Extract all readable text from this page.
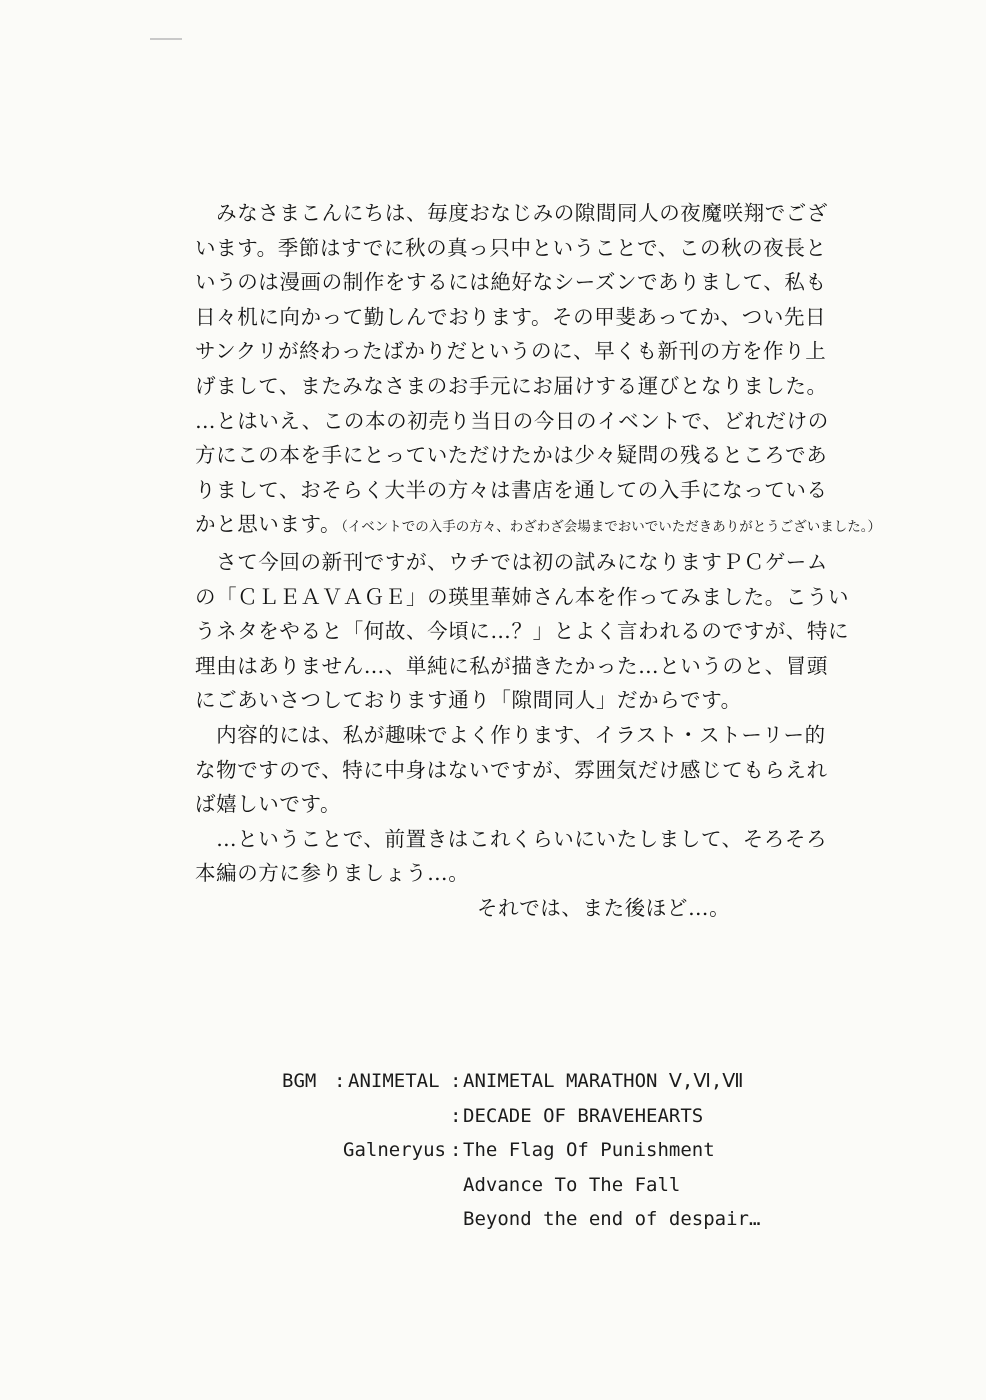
　みなさまこんにちは、毎度おなじみの隙間同人の夜魔咲翔でござ
います。季節はすでに秋の真っ只中ということで、この秋の夜長と
いうのは漫画の制作をするには絶好なシーズンでありまして、私も
日々机に向かって勤しんでおります。その甲斐あってか、つい先日
サンクリが終わったばかりだというのに、早くも新刊の方を作り上
げまして、またみなさまのお手元にお届けする運びとなりました。
…とはいえ、この本の初売り当日の今日のイベントで、どれだけの
方にこの本を手にとっていただけたかは少々疑問の残るところであ
りまして、おそらく大半の方々は書店を通しての入手になっている
かと思います。（イベントでの入手の方々、わざわざ会場までおいでいただきありがとうございました。）
　さて今回の新刊ですが、ウチでは初の試みになりますＰＣゲーム
の「ＣＬＥＡＶＡＧＥ」の瑛里華姉さん本を作ってみました。こうい
うネタをやると「何故、今頃に…？」とよく言われるのですが、特に
理由はありません…、単純に私が描きたかった…というのと、冒頭
にごあいさつしております通り「隙間同人」だからです。
　内容的には、私が趣味でよく作ります、イラスト・ストーリー的
な物ですので、特に中身はないですが、雰囲気だけ感じてもらえれ
ば嬉しいです。
　…ということで、前置きはこれくらいにいたしまして、そろそろ
本編の方に参りましょう…。
それでは、また後ほど…。
BGM : ANIMETAL : ANIMETAL MARATHON Ⅴ,Ⅵ,Ⅶ
: DECADE OF BRAVEHEARTS
Galneryus : The Flag Of Punishment
Advance To The Fall
Beyond the end of despair…
